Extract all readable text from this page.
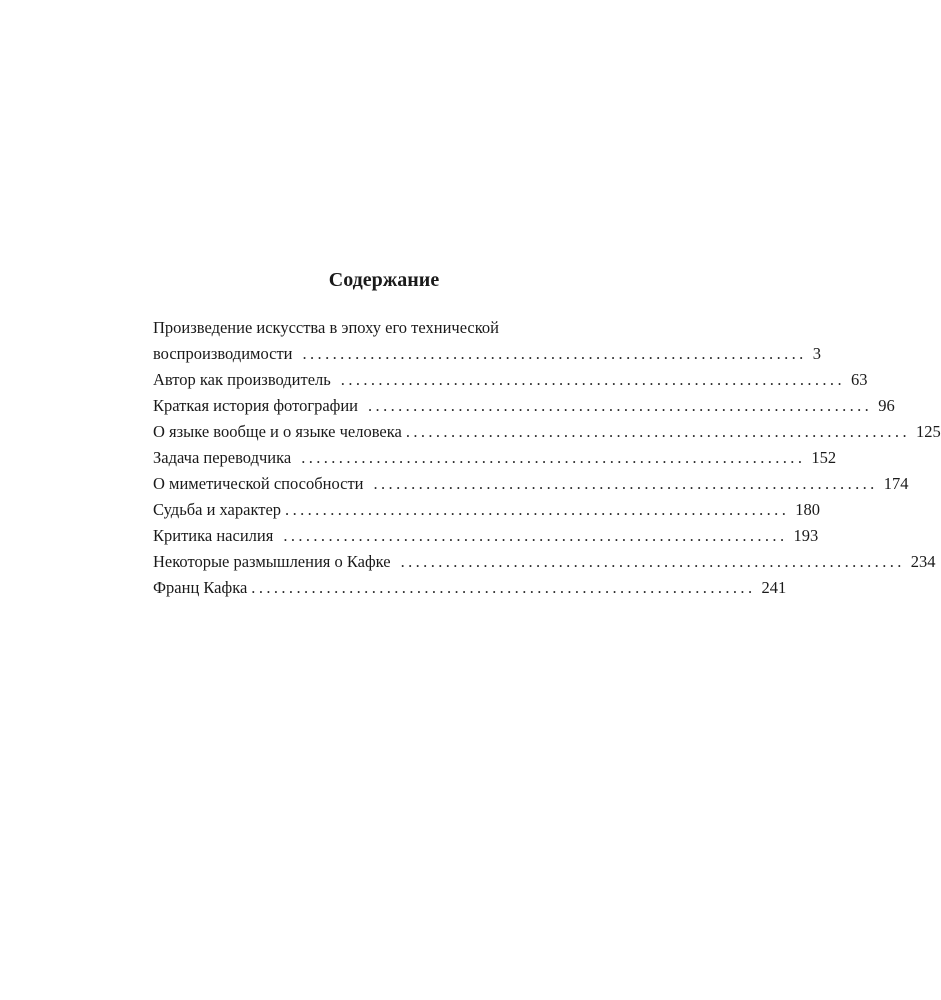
Содержание
Произведение искусства в эпоху его технической
воспроизводимости ................................................................... 3
Автор как производитель ................................................................... 63
Краткая история фотографии ................................................................... 96
О языке вообще и о языке человека ................................................................... 125
Задача переводчика ................................................................... 152
О миметической способности ................................................................... 174
Судьба и характер ................................................................... 180
Критика насилия ................................................................... 193
Некоторые размышления о Кафке ................................................................... 234
Франц Кафка ................................................................... 241
